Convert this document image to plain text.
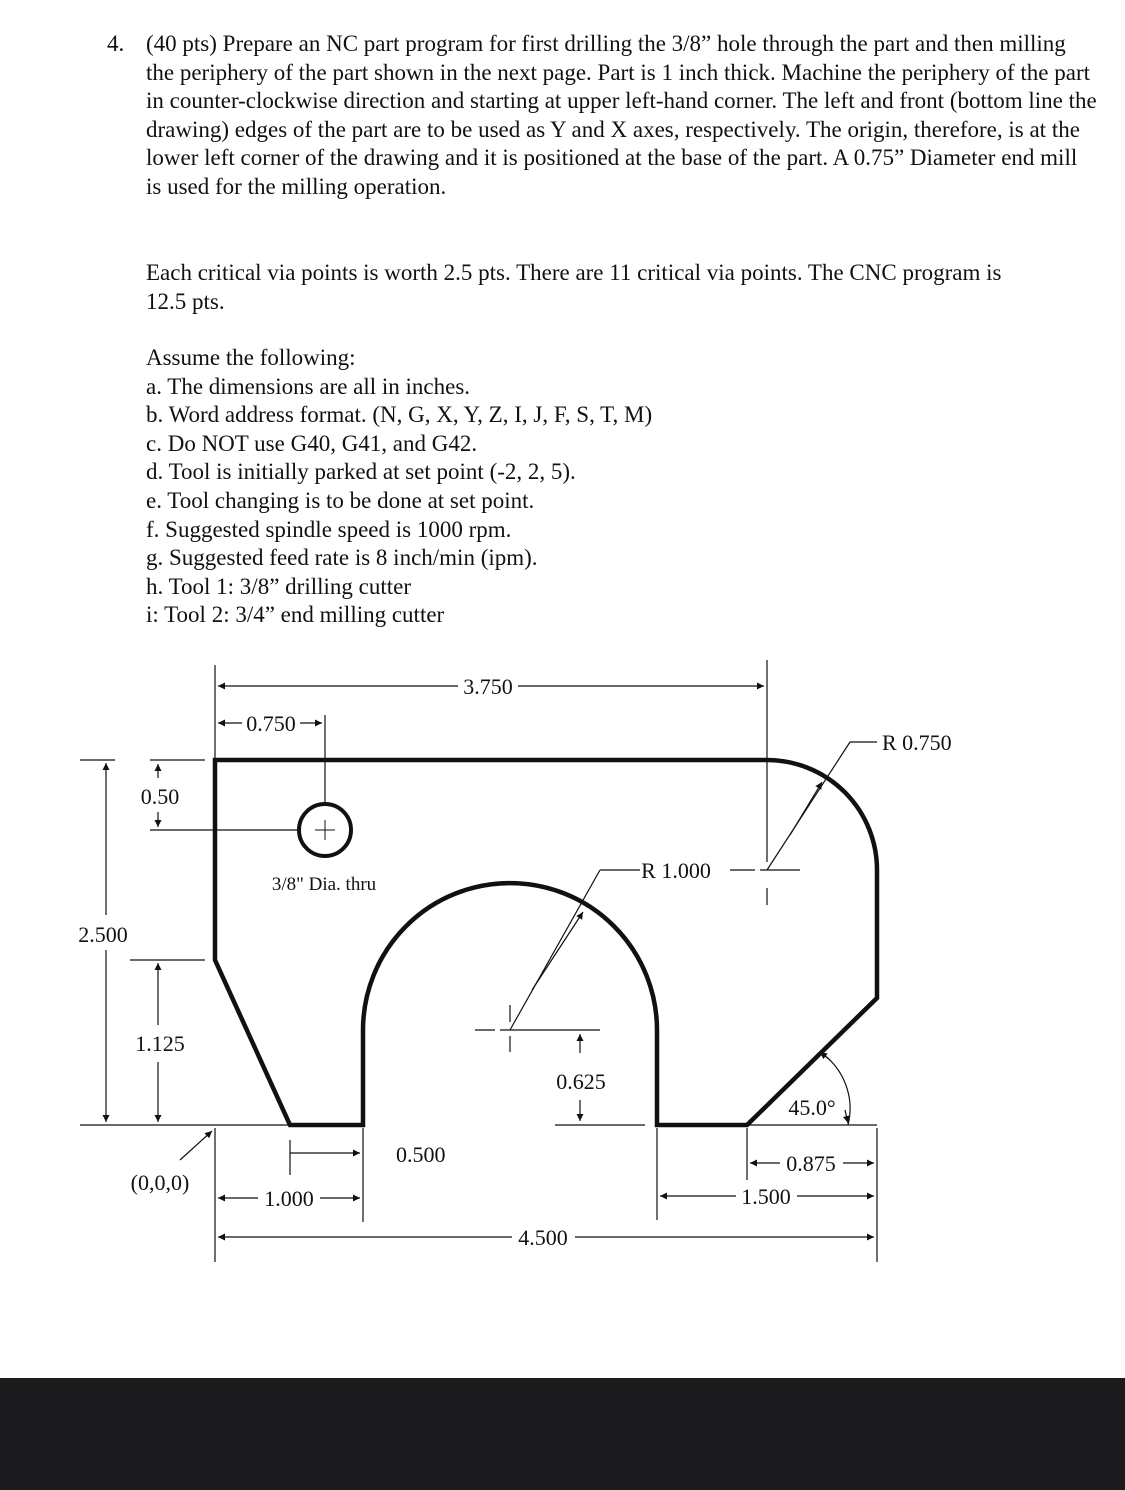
4. (40 pts) Prepare an NC part program for first drilling the 3/8” hole through the part and then milling the periphery of the part shown in the next page. Part is 1 inch thick. Machine the periphery of the part in counter-clockwise direction and starting at upper left-hand corner. The left and front (bottom line the drawing) edges of the part are to be used as Y and X axes, respectively. The origin, therefore, is at the lower left corner of the drawing and it is positioned at the base of the part. A 0.75” Diameter end mill is used for the milling operation.
Each critical via points is worth 2.5 pts. There are 11 critical via points. The CNC program is 12.5 pts.
Assume the following:
a. The dimensions are all in inches.
b. Word address format. (N, G, X, Y, Z, I, J, F, S, T, M)
c. Do NOT use G40, G41, and G42.
d. Tool is initially parked at set point (-2, 2, 5).
e. Tool changing is to be done at set point.
f. Suggested spindle speed is 1000 rpm.
g. Suggested feed rate is 8 inch/min (ipm).
h. Tool 1: 3/8” drilling cutter
i: Tool 2: 3/4” end milling cutter
3.750
0.750
R 0.750
0.50
3/8" Dia. thru
R 1.000
2.500
1.125
0.625
45.0°
(0,0,0)
0.500
1.000
0.875
1.500
4.500
